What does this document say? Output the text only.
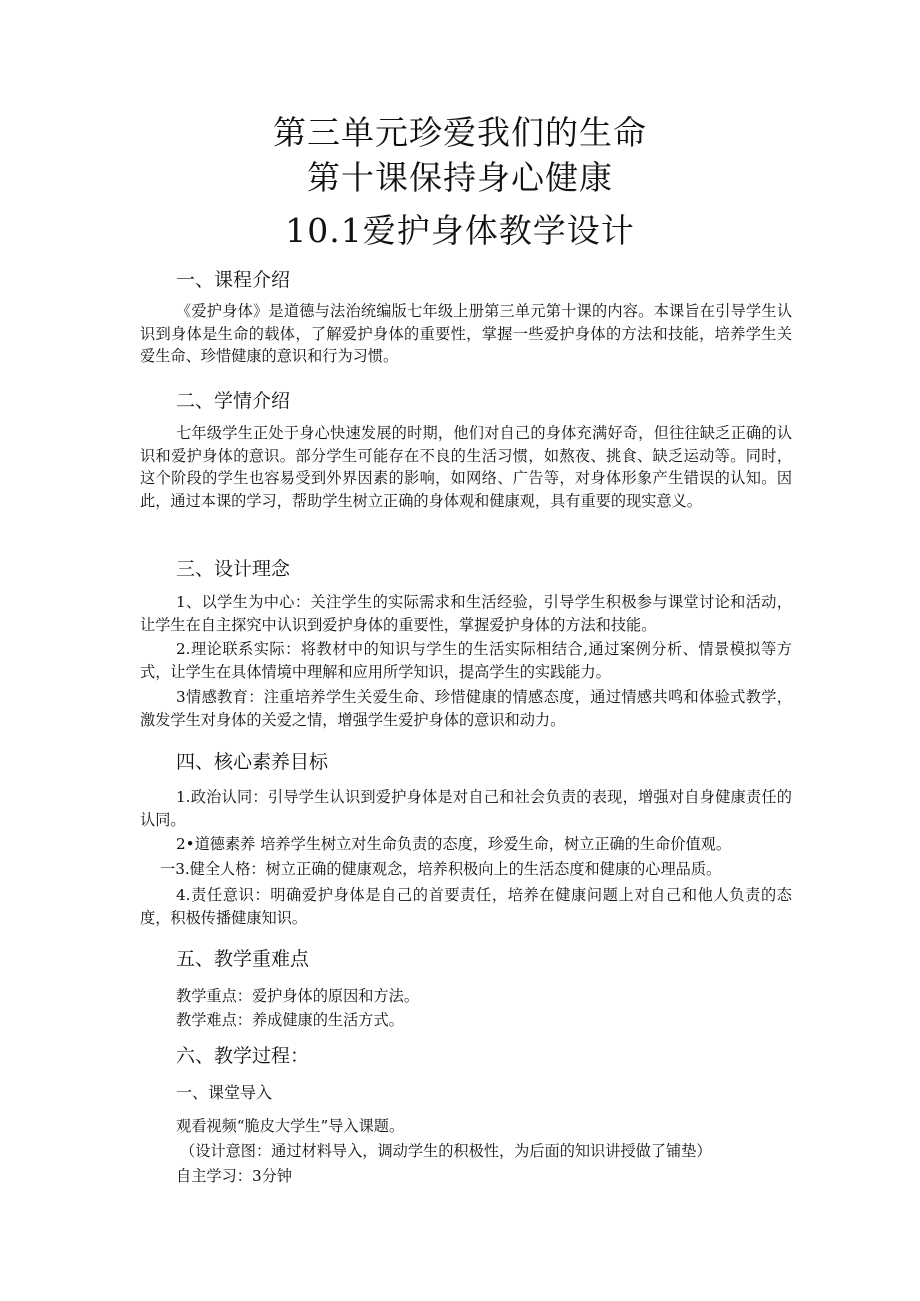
第三单元珍爱我们的生命
第十课保持身心健康
10.1爱护身体教学设计
一、课程介绍
《爱护身体》是道德与法治统编版七年级上册第三单元第十课的内容。本课旨在引导学生认识到身体是生命的载体，了解爱护身体的重要性，掌握一些爱护身体的方法和技能，培养学生关爱生命、珍惜健康的意识和行为习惯。
二、学情介绍
七年级学生正处于身心快速发展的时期，他们对自己的身体充满好奇，但往往缺乏正确的认识和爱护身体的意识。部分学生可能存在不良的生活习惯，如熬夜、挑食、缺乏运动等。同时，这个阶段的学生也容易受到外界因素的影响，如网络、广告等，对身体形象产生错误的认知。因此，通过本课的学习，帮助学生树立正确的身体观和健康观，具有重要的现实意义。
三、设计理念
1、以学生为中心：关注学生的实际需求和生活经验，引导学生积极参与课堂讨论和活动，让学生在自主探究中认识到爱护身体的重要性，掌握爱护身体的方法和技能。
2.理论联系实际：将教材中的知识与学生的生活实际相结合,通过案例分析、情景模拟等方式，让学生在具体情境中理解和应用所学知识，提高学生的实践能力。
3情感教育：注重培养学生关爱生命、珍惜健康的情感态度，通过情感共鸣和体验式教学，激发学生对身体的关爱之情，增强学生爱护身体的意识和动力。
四、核心素养目标
1.政治认同：引导学生认识到爱护身体是对自己和社会负责的表现，增强对自身健康责任的认同。
2•道德素养 培养学生树立对生命负责的态度，珍爱生命，树立正确的生命价值观。
一3.健全人格：树立正确的健康观念，培养积极向上的生活态度和健康的心理品质。
4.责任意识：明确爱护身体是自己的首要责任，培养在健康问题上对自己和他人负责的态度，积极传播健康知识。
五、教学重难点
教学重点：爱护身体的原因和方法。
教学难点：养成健康的生活方式。
六、教学过程：
一、课堂导入
观看视频“脆皮大学生”导入课题。
（设计意图：通过材料导入，调动学生的积极性，为后面的知识讲授做了铺垫）
自主学习：3分钟
